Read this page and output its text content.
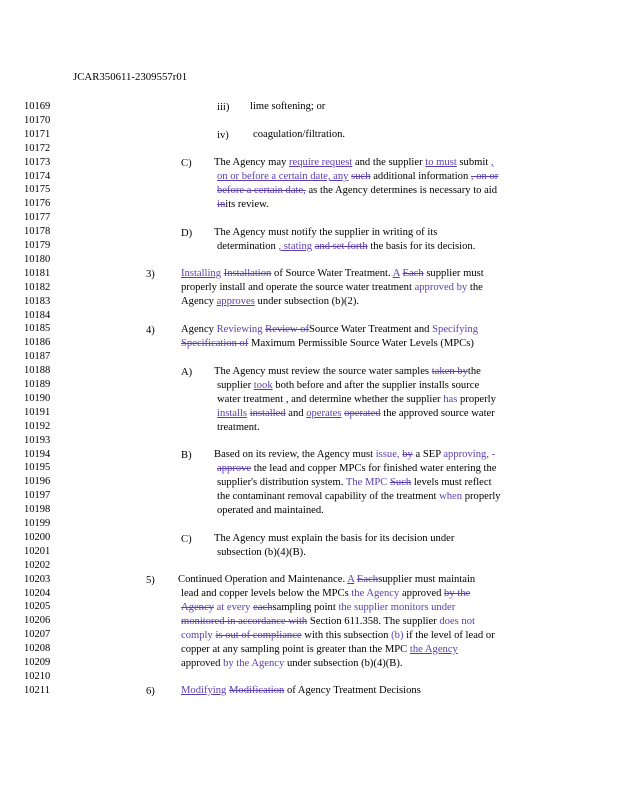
JCAR350611-2309557r01
10169
10170
10171
10172
10173
10174
10175
10176
10177
10178
10179
10180
10181
10182
10183
10184
10185
10186
10187
10188
10189
10190
10191
10192
10193
10194
10195
10196
10197
10198
10199
10200
10201
10202
10203
10204
10205
10206
10207
10208
10209
10210
10211
iii) lime softening; or
iv) coagulation/filtration.
C) The Agency may require request and the supplier to must submit ,
on or before a certain date, any such additional information , on or
before a certain date, as the Agency determines is necessary to aid
inits review.
D) The Agency must notify the supplier in writing of its
determination , stating and set forth the basis for its decision.
3) Installing Installation of Source Water Treatment. A Each supplier must
properly install and operate the source water treatment approved by the
Agency approves under subsection (b)(2).
4) Agency Reviewing Review ofSource Water Treatment and Specifying
Specification of Maximum Permissible Source Water Levels (MPCs)
A) The Agency must review the source water samples taken bythe
supplier took both before and after the supplier installs source
water treatment , and determine whether the supplier has properly
installs installed and operates operated the approved source water
treatment.
B) Based on its review, the Agency must issue, by a SEP approving, -
approve the lead and copper MPCs for finished water entering the
supplier's distribution system. The MPC Such levels must reflect
the contaminant removal capability of the treatment when properly
operated and maintained.
C) The Agency must explain the basis for its decision under
subsection (b)(4)(B).
5) Continued Operation and Maintenance. A Eachsupplier must maintain
lead and copper levels below the MPCs the Agency approved by the
Agency at every eachsampling point the supplier monitors under
monitored in accordance with Section 611.358. The supplier does not
comply is out of compliance with this subsection (b) if the level of lead or
copper at any sampling point is greater than the MPC the Agency
approved by the Agency under subsection (b)(4)(B).
6) Modifying Modification of Agency Treatment Decisions
